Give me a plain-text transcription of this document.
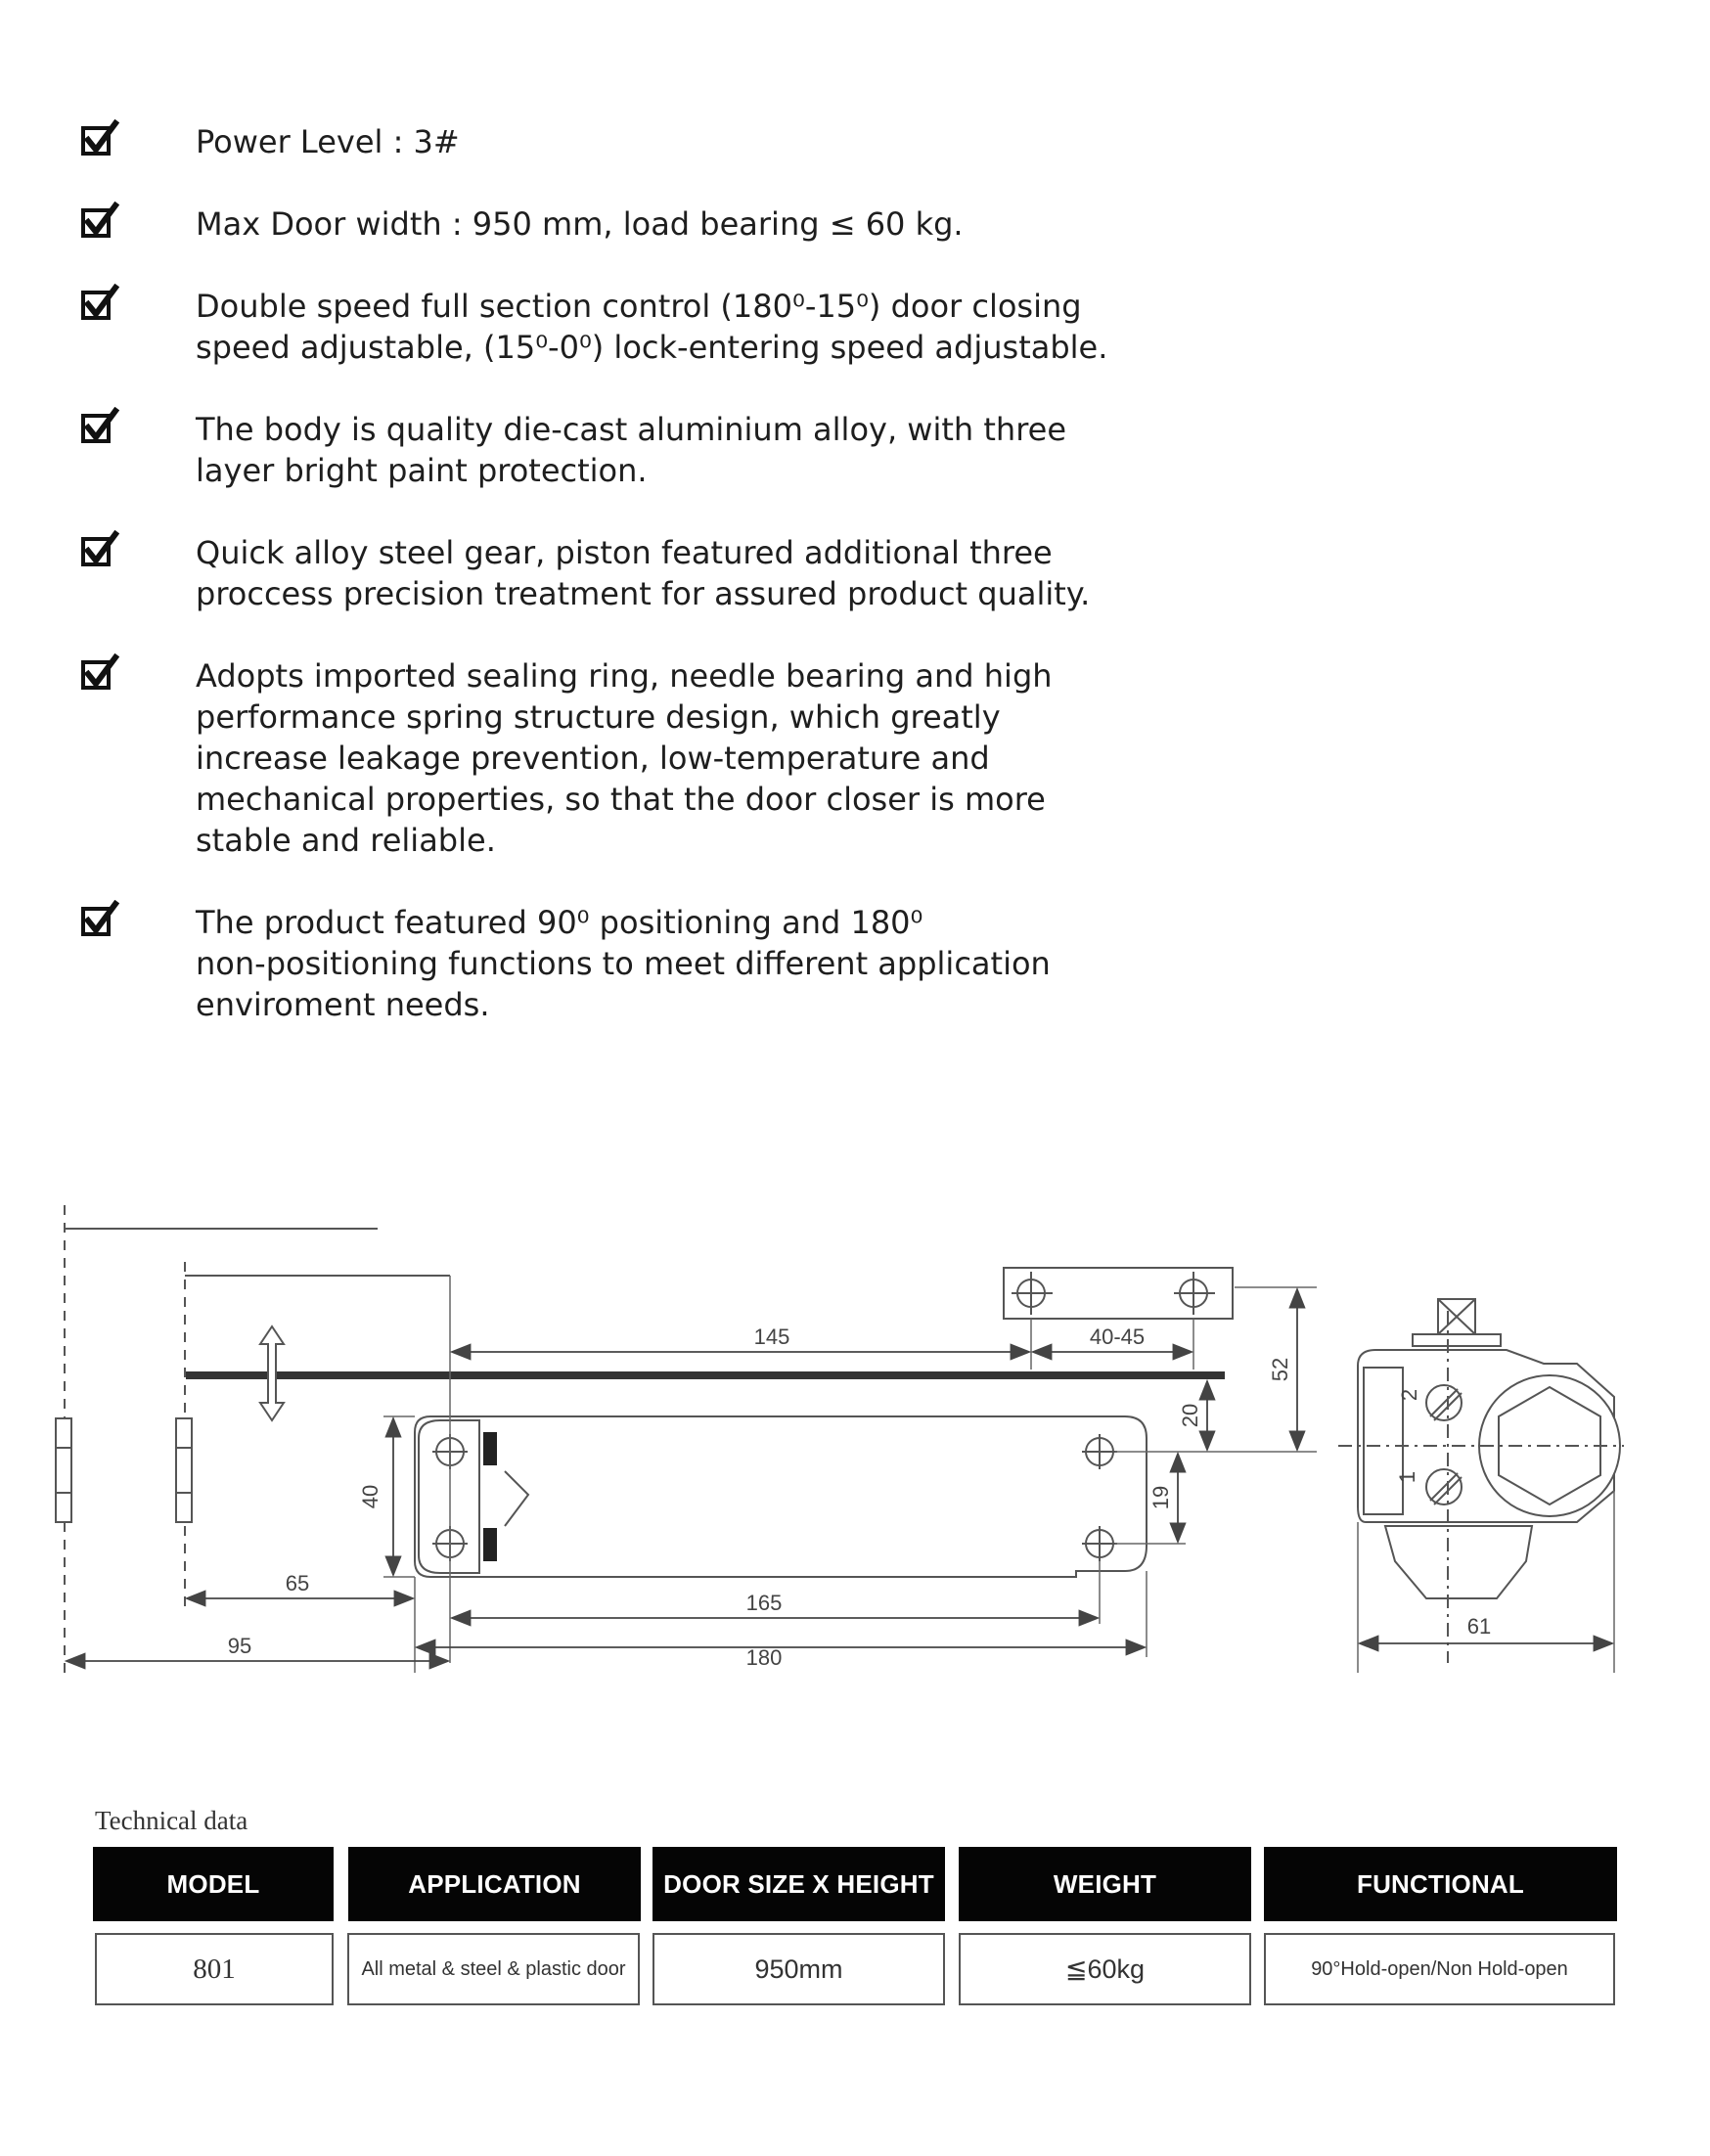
Power Level : 3#
Max Door width : 950 mm, load bearing ≤ 60 kg.
Double speed full section control (180⁰-15⁰) door closing
speed adjustable, (15⁰-0⁰) lock-entering speed adjustable.
The body is quality die-cast aluminium alloy, with three
layer bright paint protection.
Quick alloy steel gear, piston featured additional three
proccess precision treatment for assured product quality.
Adopts imported sealing ring, needle bearing and high
performance spring structure design, which greatly
increase leakage prevention, low-temperature and
mechanical properties, so that the door closer is more
stable and reliable.
The product featured 90⁰ positioning and 180⁰
non-positioning functions to meet different application
enviroment needs.
145	40-45
52
20
19
40
65
95
165
180
61
2
1
Technical data
MODEL	APPLICATION	DOOR SIZE X HEIGHT	WEIGHT	FUNCTIONAL
801	All metal & steel & plastic door	950mm	≦60kg	90°Hold-open/Non Hold-open
